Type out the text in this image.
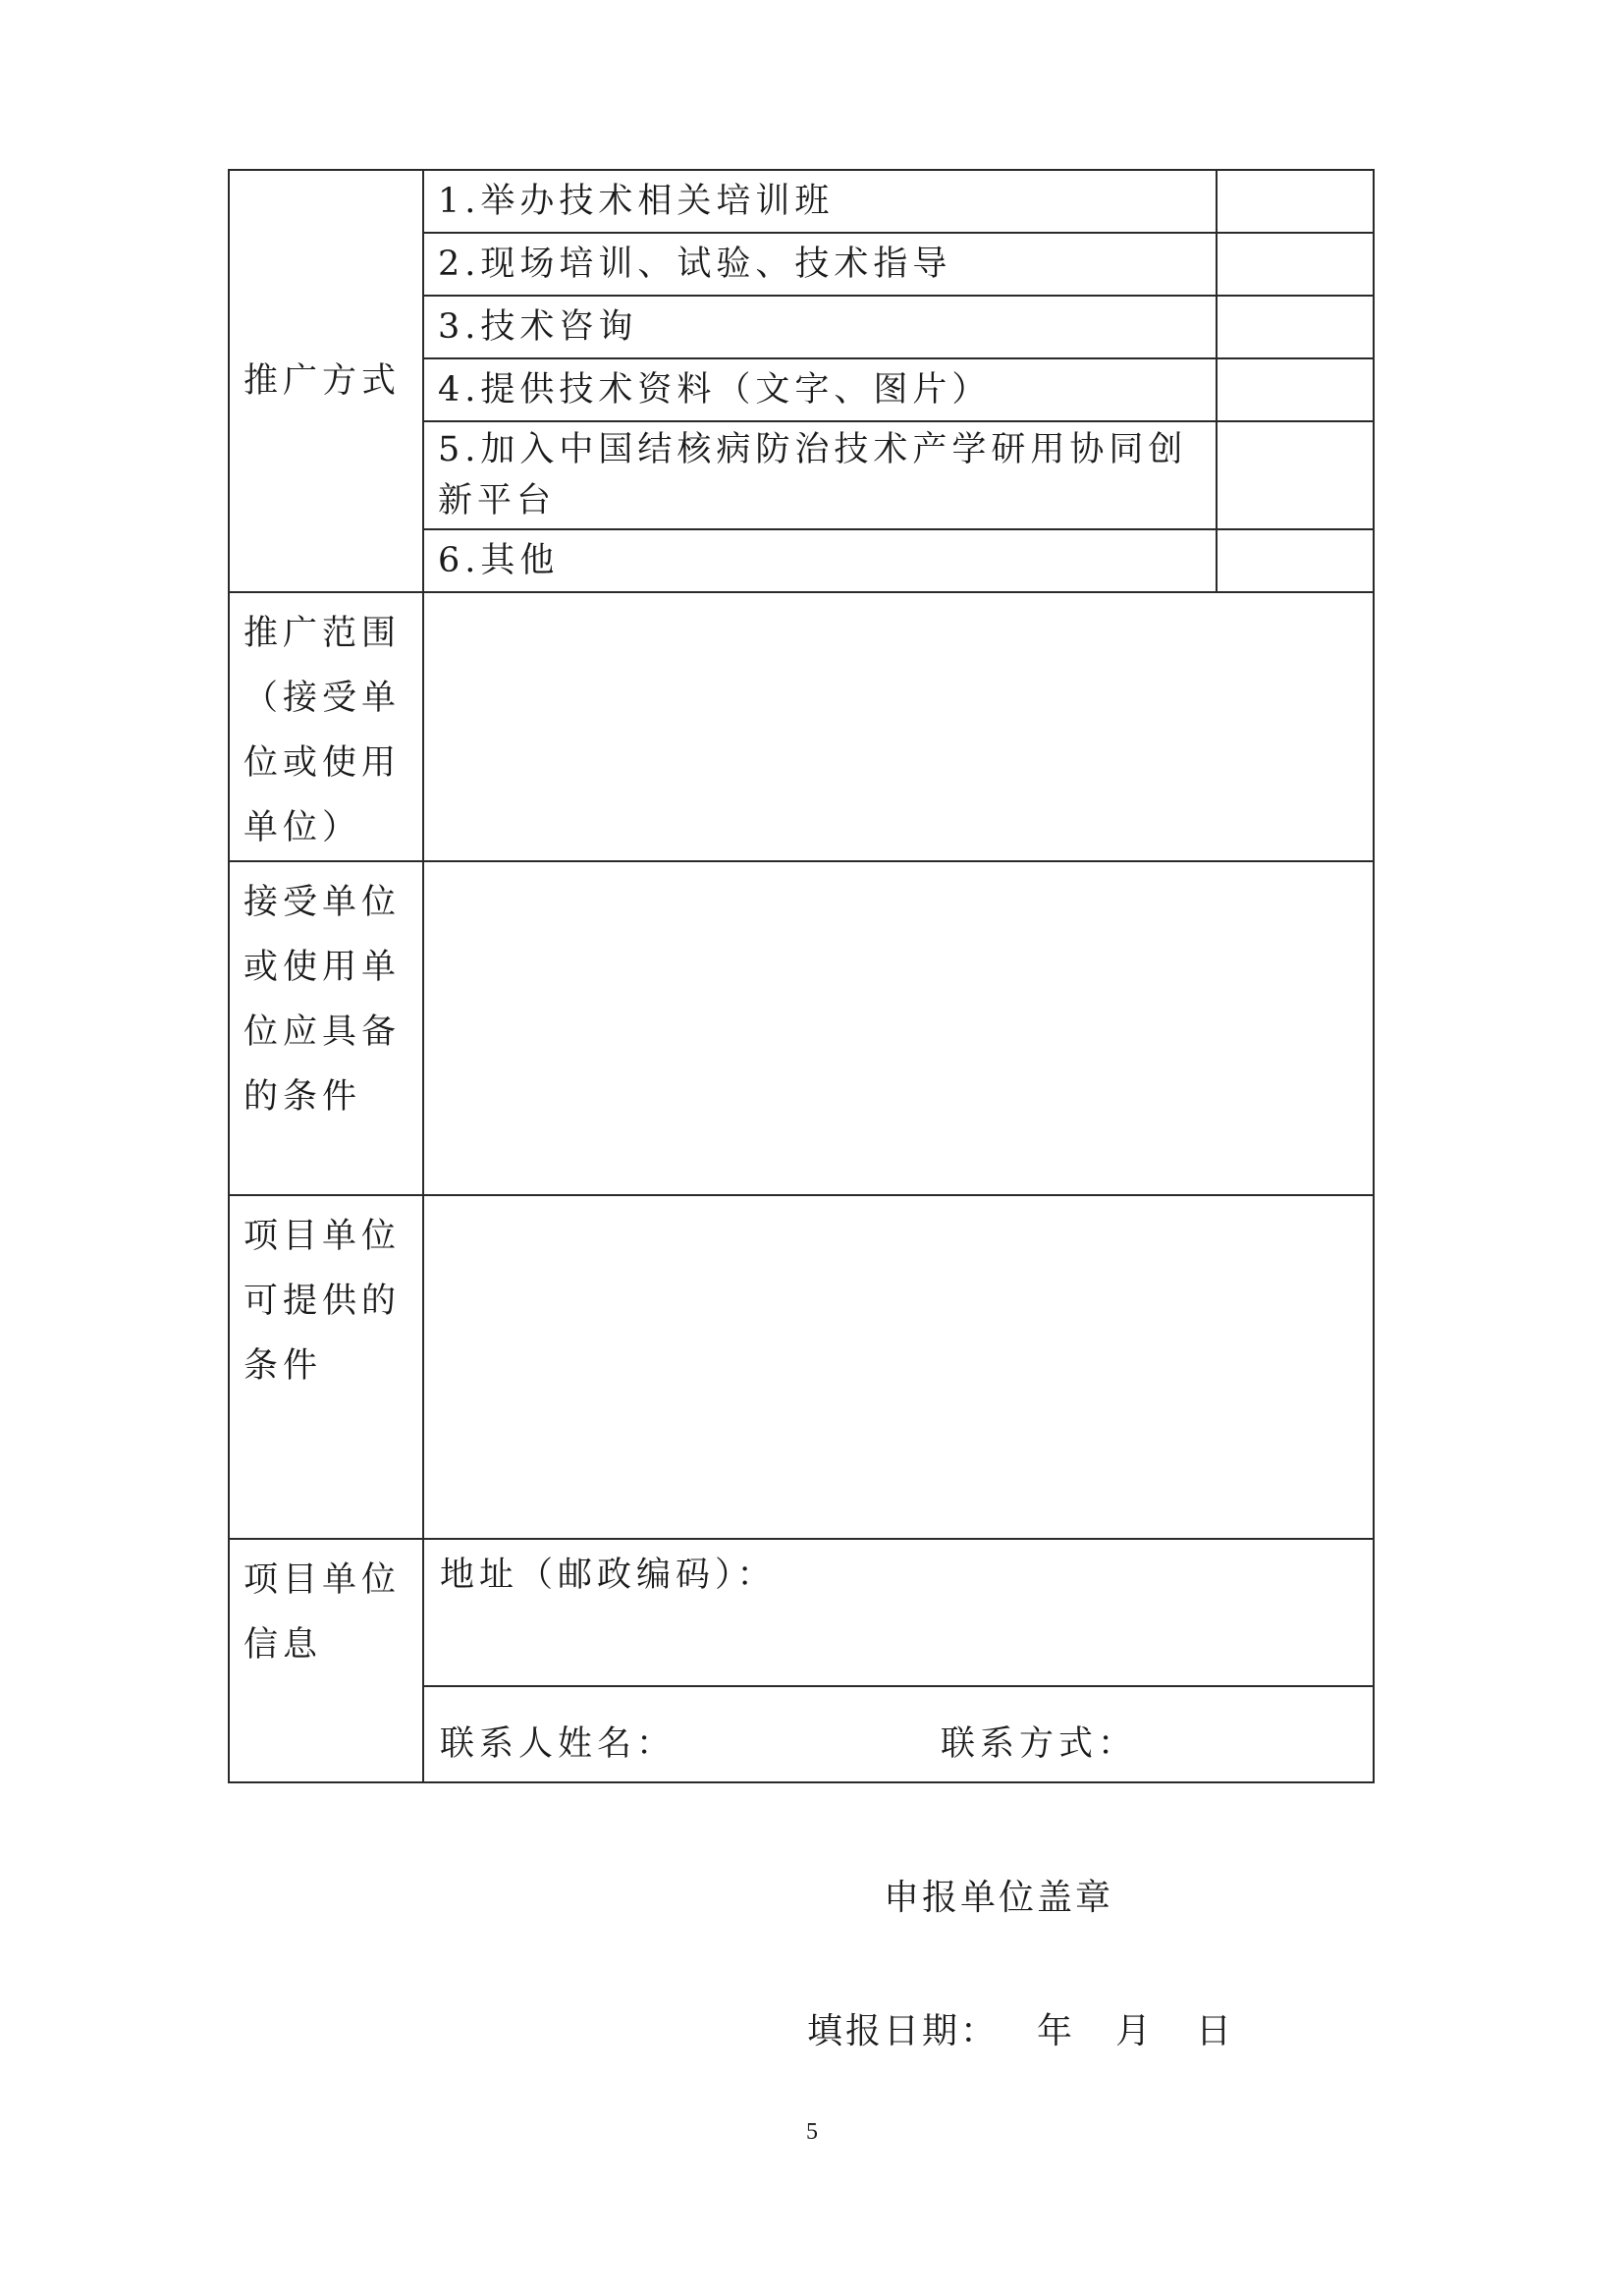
推广方式	1.举办技术相关培训班	
	2.现场培训、试验、技术指导	
	3.技术咨询	
	4.提供技术资料（文字、图片）	
	5.加入中国结核病防治技术产学研用协同创新平台	
	6.其他	

推广范围（接受单位或使用单位）		

接受单位或使用单位应具备的条件		

项目单位可提供的条件		

项目单位信息	地址（邮政编码）：	

	联系人姓名： 联系方式：	
申报单位盖章
填报日期：	年	月	日
5
